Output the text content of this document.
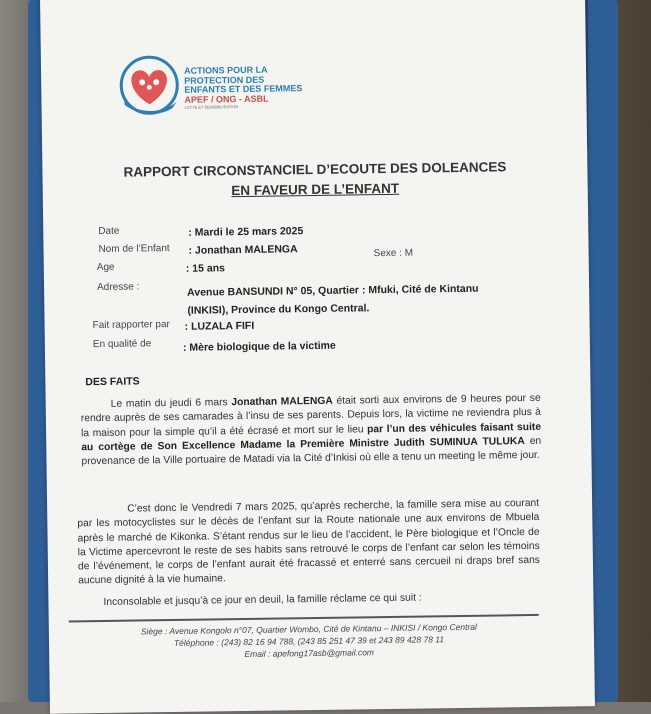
ACTIONS POUR LA
PROTECTION DES
ENFANTS ET DES FEMMES
APEF / ONG - ASBL
LUTTE ET SENSIBILISATION
RAPPORT CIRCONSTANCIEL D’ECOUTE DES DOLEANCES
EN FAVEUR DE L’ENFANT
Date	: Mardi le 25 mars 2025
Nom de l’Enfant : Jonathan MALENGA	Sexe : M
Age	: 15 ans
Adresse :	Avenue BANSUNDI N° 05, Quartier : Mfuki, Cité de Kintanu
(INKISI), Province du Kongo Central.
Fait rapporter par : LUZALA FIFI
En qualité de	: Mère biologique de la victime
DES FAITS
Le matin du jeudi 6 mars Jonathan MALENGA était sorti aux environs de 9 heures pour se rendre auprès de ses camarades à l’insu de ses parents. Depuis lors, la victime ne reviendra plus à la maison pour la simple qu’il a été écrasé et mort sur le lieu par l’un des véhicules faisant suite au cortège de Son Excellence Madame la Première Ministre Judith SUMINUA TULUKA en provenance de la Ville portuaire de Matadi via la Cité d’Inkisi où elle a tenu un meeting le même jour.
C’est donc le Vendredi 7 mars 2025, qu’après recherche, la famille sera mise au courant par les motocyclistes sur le décès de l’enfant sur la Route nationale une aux environs de Mbuela après le marché de Kikonka. S’étant rendus sur le lieu de l’accident, le Père biologique et l’Oncle de la Victime apercevront le reste de ses habits sans retrouvé le corps de l’enfant car selon les témoins de l’événement, le corps de l’enfant aurait été fracassé et enterré sans cercueil ni draps bref sans aucune dignité à la vie humaine.
Inconsolable et jusqu’à ce jour en deuil, la famille réclame ce qui suit :
Siège : Avenue Kongolo n°07, Quartier Wombo, Cité de Kintanu – INKISI / Kongo Central
Téléphone : (243) 82 16 94 788, (243 85 251 47 39 et 243 89 428 78 11
Email : apefong17asb@gmail.com
